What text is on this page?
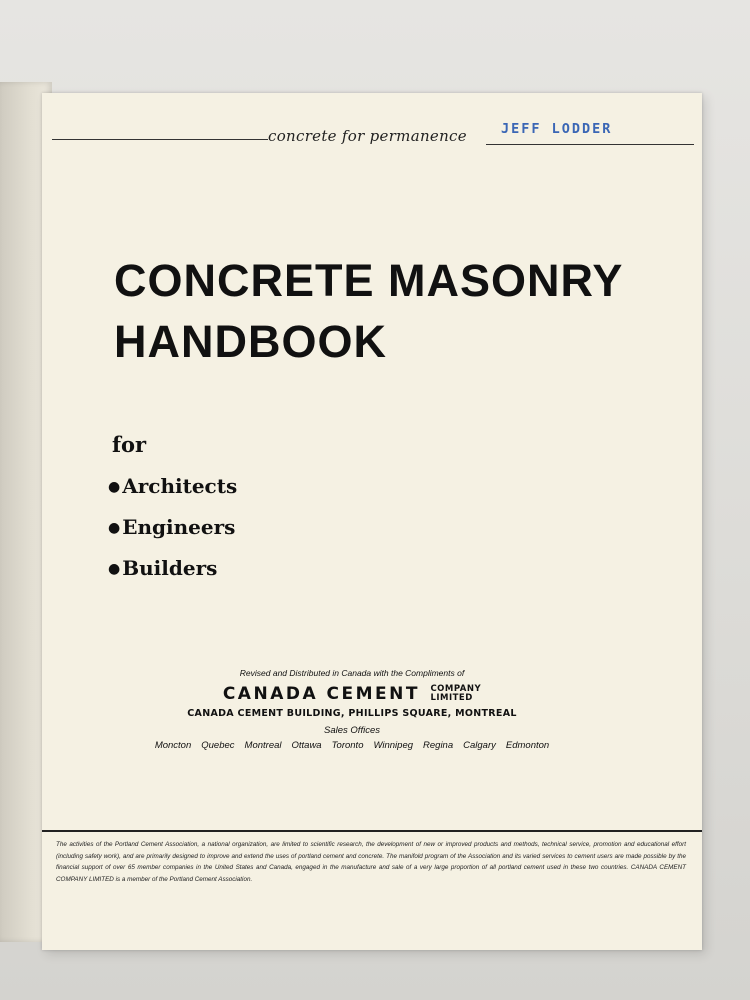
concrete for permanence	JEFF LODDER
CONCRETE MASONRY
HANDBOOK
for
● Architects
● Engineers
● Builders
Revised and Distributed in Canada with the Compliments of
CANADA CEMENT COMPANY
LIMITED
CANADA CEMENT BUILDING, PHILLIPS SQUARE, MONTREAL
Sales Offices
Moncton Quebec Montreal Ottawa Toronto Winnipeg Regina Calgary Edmonton
The activities of the Portland Cement Association, a national organization, are limited to scientific research, the development of new or improved products and methods, technical service, promotion and educational effort (including safety work), and are primarily designed to improve and extend the uses of portland cement and concrete. The manifold program of the Association and its varied services to cement users are made possible by the financial support of over 65 member companies in the United States and Canada, engaged in the manufacture and sale of a very large proportion of all portland cement used in these two countries. CANADA CEMENT COMPANY LIMITED is a member of the Portland Cement Association.
